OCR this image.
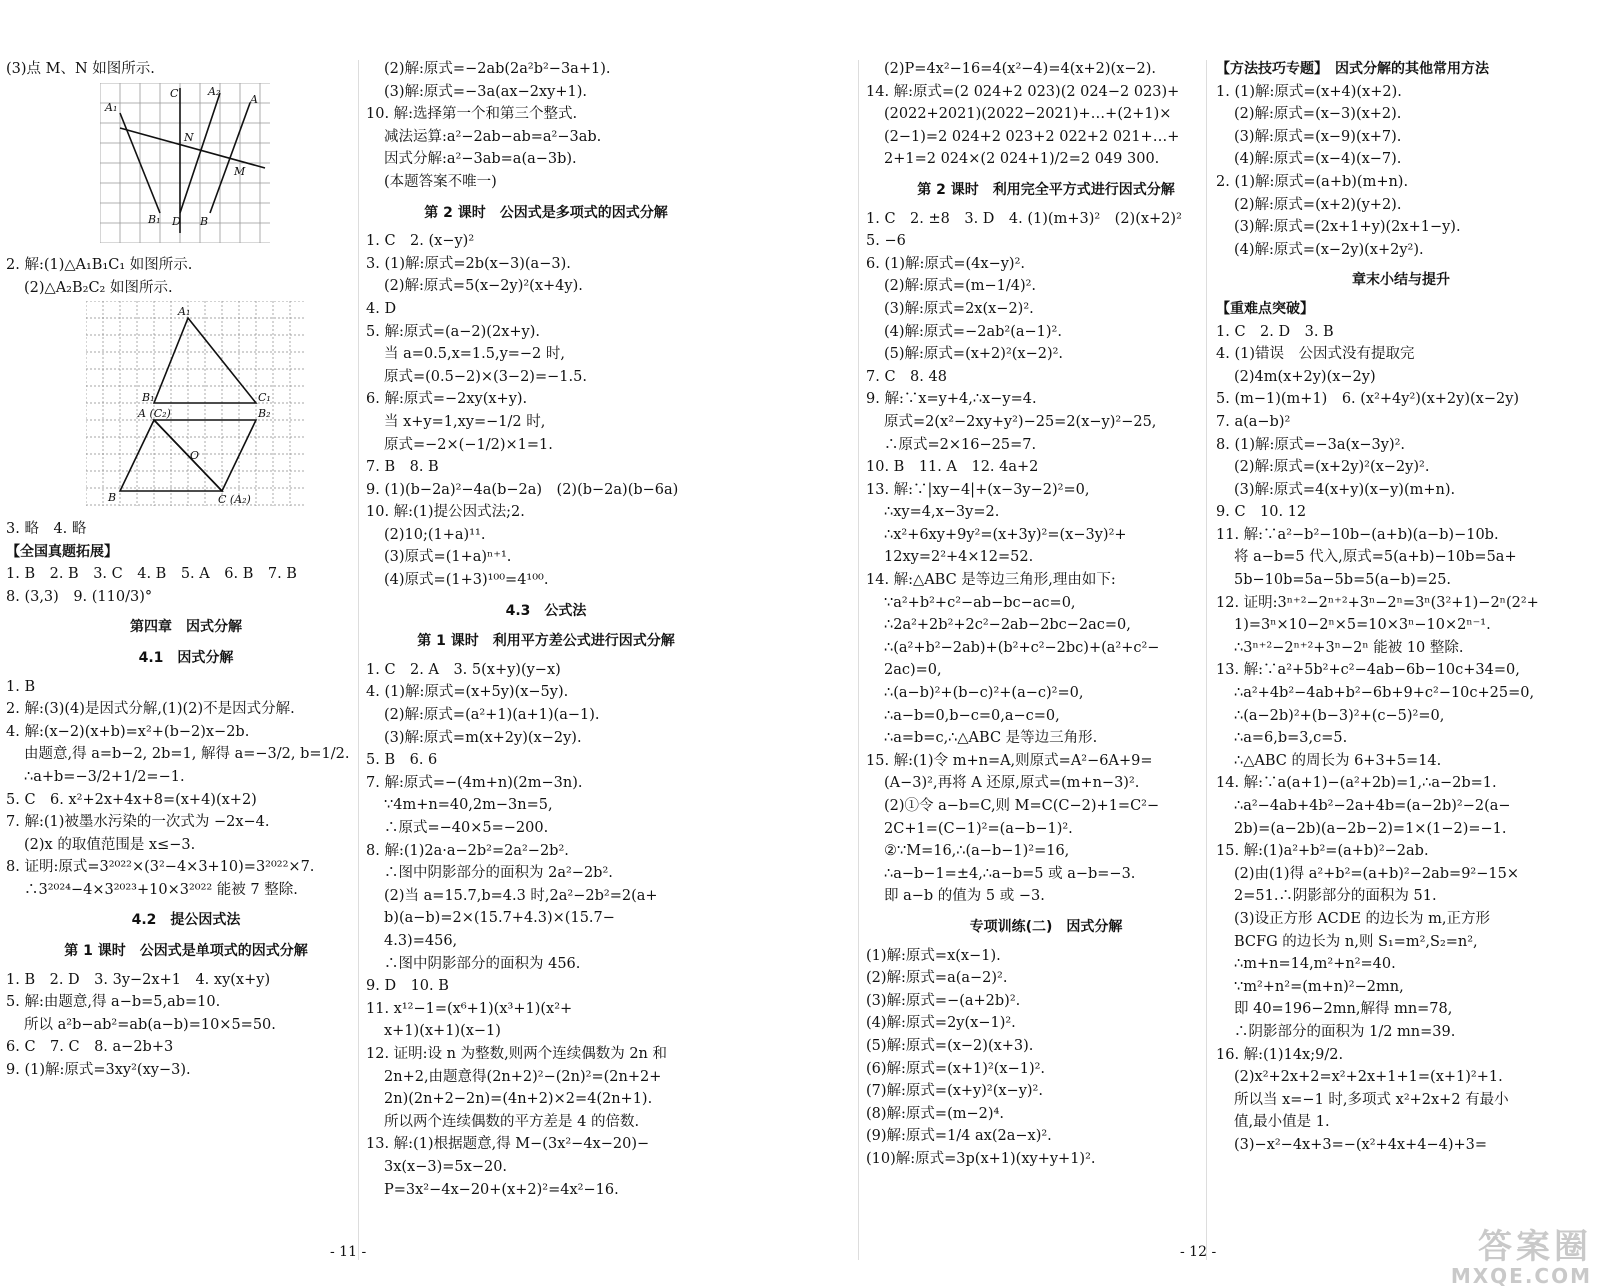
(3)点 M、N 如图所示.
A₁
C	A₂
A
N
M
B₁ D B
2. 解:(1)△A₁B₁C₁ 如图所示.
(2)△A₂B₂C₂ 如图所示.
A₁
B₁	C₁
A (C₂)	B₂
O
B	C (A₂)
3. 略　4. 略
【全国真题拓展】
1. B　2. B　3. C　4. B　5. A　6. B　7. B
8. (3,3)　9. (110/3)°
第四章　因式分解
4.1　因式分解
1. B
2. 解:(3)(4)是因式分解,(1)(2)不是因式分解.
4. 解:(x−2)(x+b)=x²+(b−2)x−2b.
由题意,得 a=b−2, 2b=1, 解得 a=−3/2, b=1/2.
∴a+b=−3/2+1/2=−1.
5. C　6. x²+2x+4x+8=(x+4)(x+2)
7. 解:(1)被墨水污染的一次式为 −2x−4.
(2)x 的取值范围是 x≤−3.
8. 证明:原式=3²⁰²²×(3²−4×3+10)=3²⁰²²×7.
∴3²⁰²⁴−4×3²⁰²³+10×3²⁰²² 能被 7 整除.
4.2　提公因式法
第 1 课时　公因式是单项式的因式分解
1. B　2. D　3. 3y−2x+1　4. xy(x+y)
5. 解:由题意,得 a−b=5,ab=10.
所以 a²b−ab²=ab(a−b)=10×5=50.
6. C　7. C　8. a−2b+3
9. (1)解:原式=3xy²(xy−3).
(2)解:原式=−2ab(2a²b²−3a+1).
(3)解:原式=−3a(ax−2xy+1).
10. 解:选择第一个和第三个整式.
减法运算:a²−2ab−ab=a²−3ab.
因式分解:a²−3ab=a(a−3b).
(本题答案不唯一)
第 2 课时　公因式是多项式的因式分解
1. C　2. (x−y)²
3. (1)解:原式=2b(x−3)(a−3).
(2)解:原式=5(x−2y)²(x+4y).
4. D
5. 解:原式=(a−2)(2x+y).
当 a=0.5,x=1.5,y=−2 时,
原式=(0.5−2)×(3−2)=−1.5.
6. 解:原式=−2xy(x+y).
当 x+y=1,xy=−1/2 时,
原式=−2×(−1/2)×1=1.
7. B　8. B
9. (1)(b−2a)²−4a(b−2a)　(2)(b−2a)(b−6a)
10. 解:(1)提公因式法;2.
(2)10;(1+a)¹¹.
(3)原式=(1+a)ⁿ⁺¹.
(4)原式=(1+3)¹⁰⁰=4¹⁰⁰.
4.3　公式法
第 1 课时　利用平方差公式进行因式分解
1. C　2. A　3. 5(x+y)(y−x)
4. (1)解:原式=(x+5y)(x−5y).
(2)解:原式=(a²+1)(a+1)(a−1).
(3)解:原式=m(x+2y)(x−2y).
5. B　6. 6
7. 解:原式=−(4m+n)(2m−3n).
∵4m+n=40,2m−3n=5,
∴原式=−40×5=−200.
8. 解:(1)2a·a−2b²=2a²−2b².
∴图中阴影部分的面积为 2a²−2b².
(2)当 a=15.7,b=4.3 时,2a²−2b²=2(a+
b)(a−b)=2×(15.7+4.3)×(15.7−
4.3)=456,
∴图中阴影部分的面积为 456.
9. D　10. B
11. x¹²−1=(x⁶+1)(x³+1)(x²+
x+1)(x+1)(x−1)
12. 证明:设 n 为整数,则两个连续偶数为 2n 和
2n+2,由题意得(2n+2)²−(2n)²=(2n+2+
2n)(2n+2−2n)=(4n+2)×2=4(2n+1).
所以两个连续偶数的平方差是 4 的倍数.
13. 解:(1)根据题意,得 M−(3x²−4x−20)−
3x(x−3)=5x−20.
P=3x²−4x−20+(x+2)²=4x²−16.
(2)P=4x²−16=4(x²−4)=4(x+2)(x−2).
14. 解:原式=(2 024+2 023)(2 024−2 023)+
(2022+2021)(2022−2021)+…+(2+1)×
(2−1)=2 024+2 023+2 022+2 021+…+
2+1=2 024×(2 024+1)/2=2 049 300.
第 2 课时　利用完全平方式进行因式分解
1. C　2. ±8　3. D　4. (1)(m+3)²　(2)(x+2)²
5. −6
6. (1)解:原式=(4x−y)².
(2)解:原式=(m−1/4)².
(3)解:原式=2x(x−2)².
(4)解:原式=−2ab²(a−1)².
(5)解:原式=(x+2)²(x−2)².
7. C　8. 48
9. 解:∵x=y+4,∴x−y=4.
原式=2(x²−2xy+y²)−25=2(x−y)²−25,
∴原式=2×16−25=7.
10. B　11. A　12. 4a+2
13. 解:∵|xy−4|+(x−3y−2)²=0,
∴xy=4,x−3y=2.
∴x²+6xy+9y²=(x+3y)²=(x−3y)²+
12xy=2²+4×12=52.
14. 解:△ABC 是等边三角形,理由如下:
∵a²+b²+c²−ab−bc−ac=0,
∴2a²+2b²+2c²−2ab−2bc−2ac=0,
∴(a²+b²−2ab)+(b²+c²−2bc)+(a²+c²−
2ac)=0,
∴(a−b)²+(b−c)²+(a−c)²=0,
∴a−b=0,b−c=0,a−c=0,
∴a=b=c,∴△ABC 是等边三角形.
15. 解:(1)令 m+n=A,则原式=A²−6A+9=
(A−3)²,再将 A 还原,原式=(m+n−3)².
(2)①令 a−b=C,则 M=C(C−2)+1=C²−
2C+1=(C−1)²=(a−b−1)².
②∵M=16,∴(a−b−1)²=16,
∴a−b−1=±4,∴a−b=5 或 a−b=−3.
即 a−b 的值为 5 或 −3.
专项训练(二)　因式分解
(1)解:原式=x(x−1).
(2)解:原式=a(a−2)².
(3)解:原式=−(a+2b)².
(4)解:原式=2y(x−1)².
(5)解:原式=(x−2)(x+3).
(6)解:原式=(x+1)²(x−1)².
(7)解:原式=(x+y)²(x−y)².
(8)解:原式=(m−2)⁴.
(9)解:原式=1/4 ax(2a−x)².
(10)解:原式=3p(x+1)(xy+y+1)².
【方法技巧专题】　因式分解的其他常用方法
1. (1)解:原式=(x+4)(x+2).
(2)解:原式=(x−3)(x+2).
(3)解:原式=(x−9)(x+7).
(4)解:原式=(x−4)(x−7).
2. (1)解:原式=(a+b)(m+n).
(2)解:原式=(x+2)(y+2).
(3)解:原式=(2x+1+y)(2x+1−y).
(4)解:原式=(x−2y)(x+2y²).
章末小结与提升
【重难点突破】
1. C　2. D　3. B
4. (1)错误　公因式没有提取完
(2)4m(x+2y)(x−2y)
5. (m−1)(m+1)　6. (x²+4y²)(x+2y)(x−2y)
7. a(a−b)²
8. (1)解:原式=−3a(x−3y)².
(2)解:原式=(x+2y)²(x−2y)².
(3)解:原式=4(x+y)(x−y)(m+n).
9. C　10. 12
11. 解:∵a²−b²−10b−(a+b)(a−b)−10b.
将 a−b=5 代入,原式=5(a+b)−10b=5a+
5b−10b=5a−5b=5(a−b)=25.
12. 证明:3ⁿ⁺²−2ⁿ⁺²+3ⁿ−2ⁿ=3ⁿ(3²+1)−2ⁿ(2²+
1)=3ⁿ×10−2ⁿ×5=10×3ⁿ−10×2ⁿ⁻¹.
∴3ⁿ⁺²−2ⁿ⁺²+3ⁿ−2ⁿ 能被 10 整除.
13. 解:∵a²+5b²+c²−4ab−6b−10c+34=0,
∴a²+4b²−4ab+b²−6b+9+c²−10c+25=0,
∴(a−2b)²+(b−3)²+(c−5)²=0,
∴a=6,b=3,c=5.
∴△ABC 的周长为 6+3+5=14.
14. 解:∵a(a+1)−(a²+2b)=1,∴a−2b=1.
∴a²−4ab+4b²−2a+4b=(a−2b)²−2(a−
2b)=(a−2b)(a−2b−2)=1×(1−2)=−1.
15. 解:(1)a²+b²=(a+b)²−2ab.
(2)由(1)得 a²+b²=(a+b)²−2ab=9²−15×
2=51.∴阴影部分的面积为 51.
(3)设正方形 ACDE 的边长为 m,正方形
BCFG 的边长为 n,则 S₁=m²,S₂=n²,
∴m+n=14,m²+n²=40.
∵m²+n²=(m+n)²−2mn,
即 40=196−2mn,解得 mn=78,
∴阴影部分的面积为 1/2 mn=39.
16. 解:(1)14x;9/2.
(2)x²+2x+2=x²+2x+1+1=(x+1)²+1.
所以当 x=−1 时,多项式 x²+2x+2 有最小
值,最小值是 1.
(3)−x²−4x+3=−(x²+4x+4−4)+3=
- 11 -	- 12 -	答案圈
MXQE.COM
